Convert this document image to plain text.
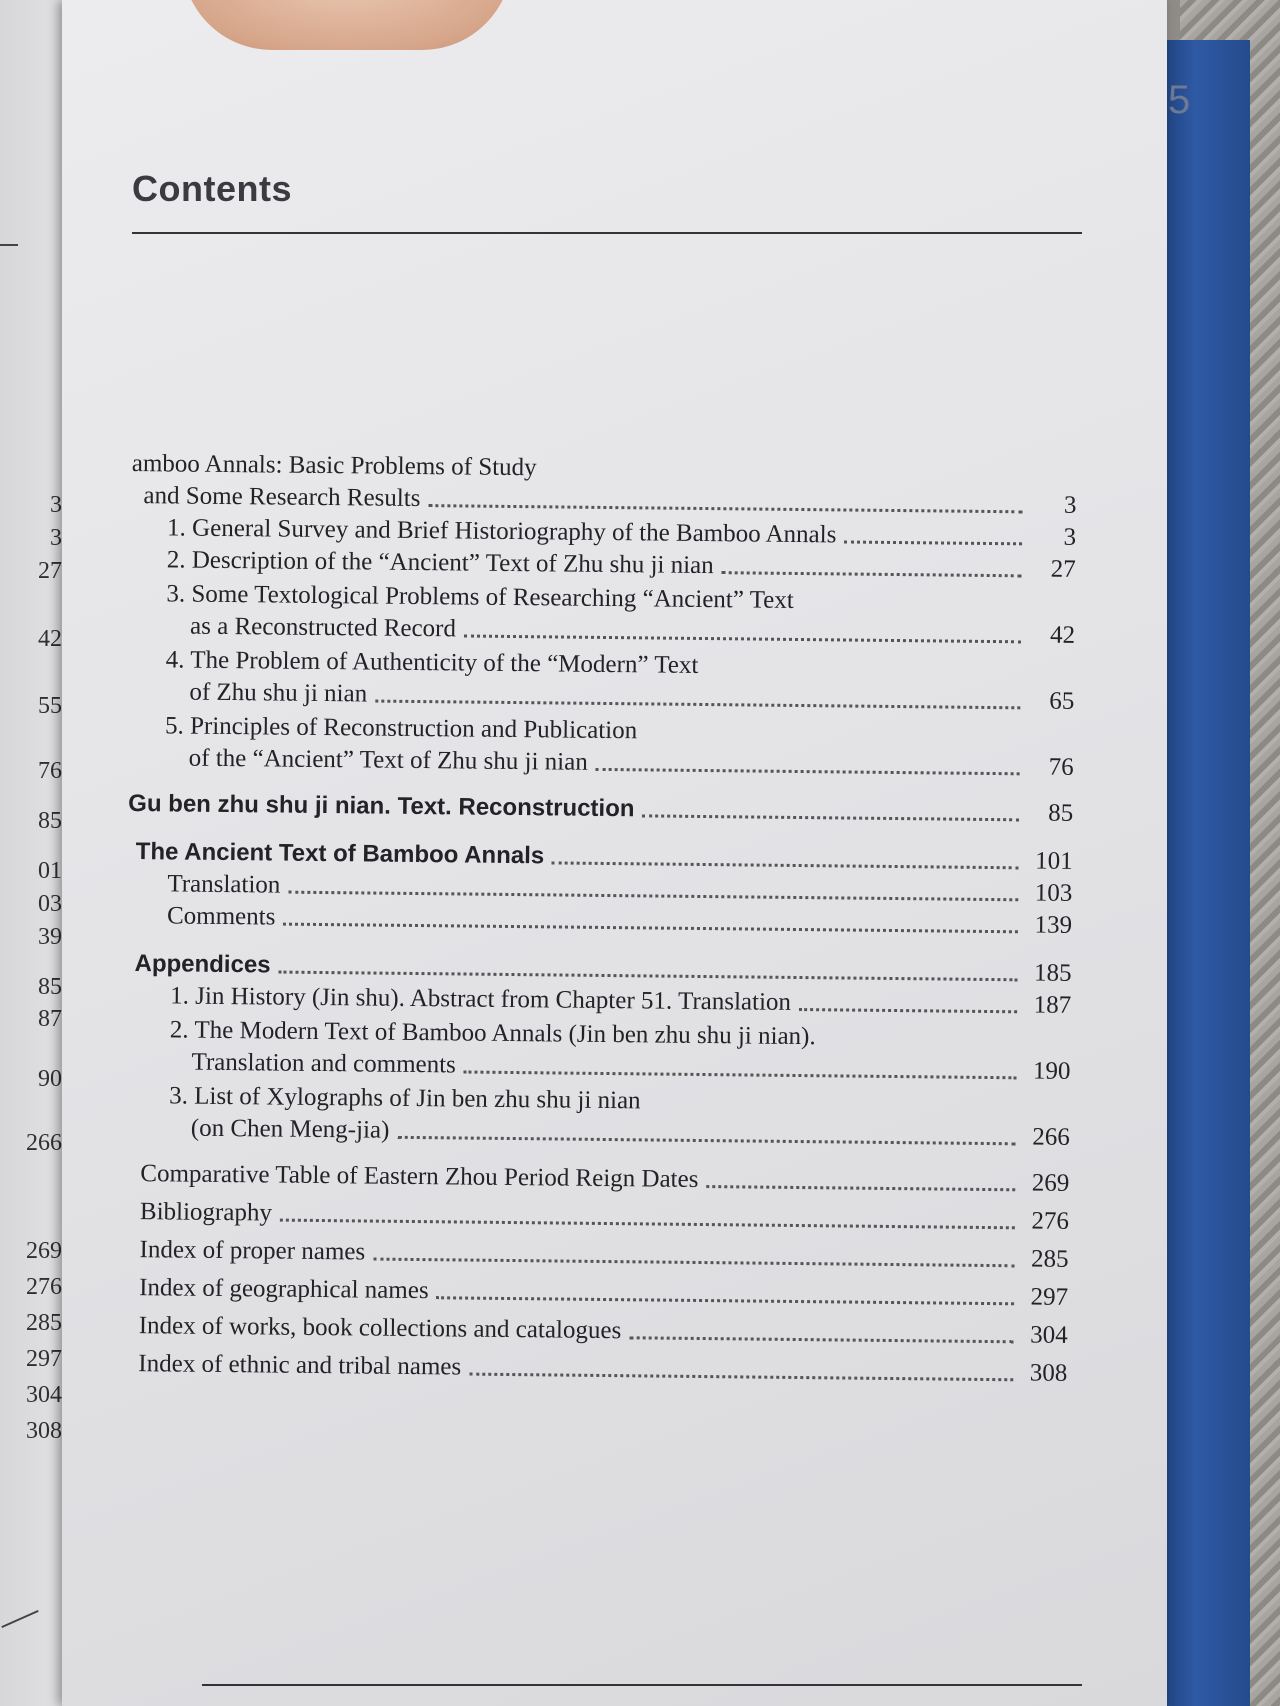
5
3
3
27
42
55
76
85
01
03
39
85
87
90
266
269
276
285
297
304
308
Contents
amboo Annals: Basic Problems of Study
and Some Research Results	3
1. General Survey and Brief Historiography of the Bamboo Annals	3
2. Description of the “Ancient” Text of Zhu shu ji nian	27
3. Some Textological Problems of Researching “Ancient” Text
as a Reconstructed Record	42
4. The Problem of Authenticity of the “Modern” Text
of Zhu shu ji nian	65
5. Principles of Reconstruction and Publication
of the “Ancient” Text of Zhu shu ji nian	76
Gu ben zhu shu ji nian. Text. Reconstruction	85
The Ancient Text of Bamboo Annals	101
Translation	103
Comments	139
Appendices	185
1. Jin History (Jin shu). Abstract from Chapter 51. Translation	187
2. The Modern Text of Bamboo Annals (Jin ben zhu shu ji nian).
Translation and comments	190
3. List of Xylographs of Jin ben zhu shu ji nian
(on Chen Meng-jia)	266
Comparative Table of Eastern Zhou Period Reign Dates	269
Bibliography	276
Index of proper names	285
Index of geographical names	297
Index of works, book collections and catalogues	304
Index of ethnic and tribal names	308
